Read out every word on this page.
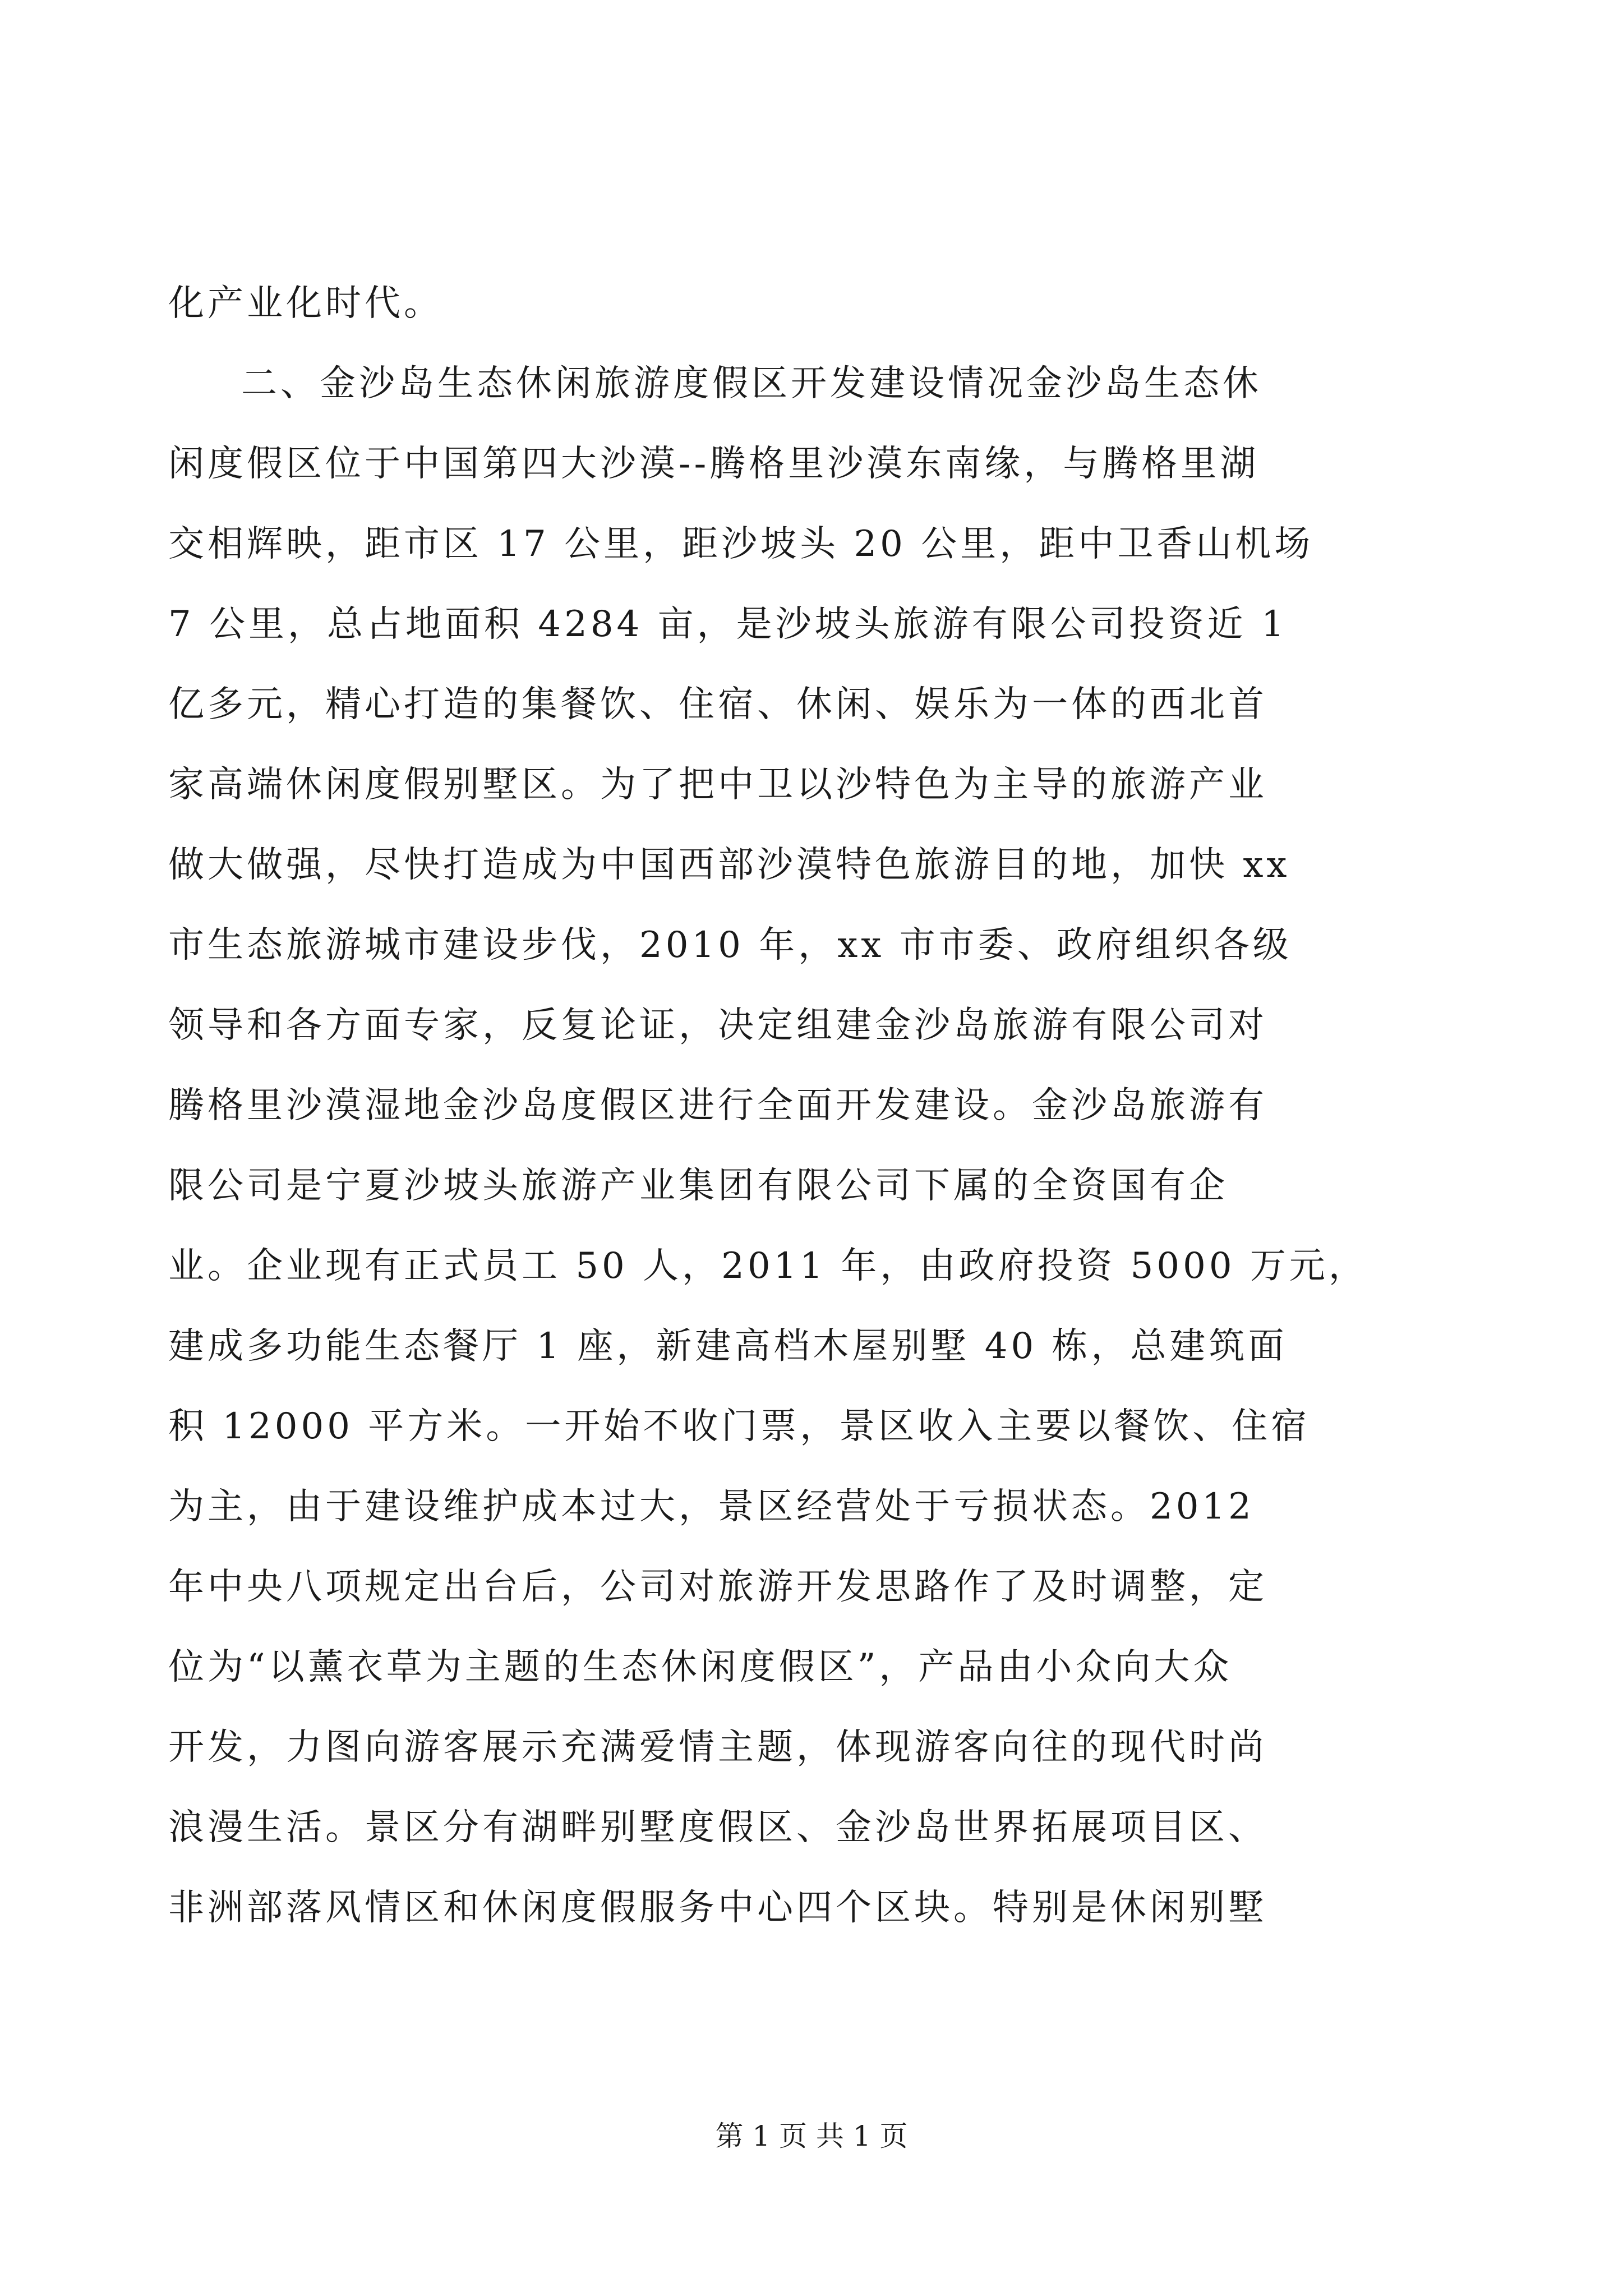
化产业化时代。
二、金沙岛生态休闲旅游度假区开发建设情况金沙岛生态休
闲度假区位于中国第四大沙漠--腾格里沙漠东南缘，与腾格里湖
交相辉映，距市区 17 公里，距沙坡头 20 公里，距中卫香山机场
7 公里，总占地面积 4284 亩，是沙坡头旅游有限公司投资近 1
亿多元，精心打造的集餐饮、住宿、休闲、娱乐为一体的西北首
家高端休闲度假别墅区。为了把中卫以沙特色为主导的旅游产业
做大做强，尽快打造成为中国西部沙漠特色旅游目的地，加快 xx
市生态旅游城市建设步伐，2010 年，xx 市市委、政府组织各级
领导和各方面专家，反复论证，决定组建金沙岛旅游有限公司对
腾格里沙漠湿地金沙岛度假区进行全面开发建设。金沙岛旅游有
限公司是宁夏沙坡头旅游产业集团有限公司下属的全资国有企
业。企业现有正式员工 50 人，2011 年，由政府投资 5000 万元，
建成多功能生态餐厅 1 座，新建高档木屋别墅 40 栋，总建筑面
积 12000 平方米。一开始不收门票，景区收入主要以餐饮、住宿
为主，由于建设维护成本过大，景区经营处于亏损状态。2012
年中央八项规定出台后，公司对旅游开发思路作了及时调整，定
位为“以薰衣草为主题的生态休闲度假区”，产品由小众向大众
开发，力图向游客展示充满爱情主题，体现游客向往的现代时尚
浪漫生活。景区分有湖畔别墅度假区、金沙岛世界拓展项目区、
非洲部落风情区和休闲度假服务中心四个区块。特别是休闲别墅
第 1 页 共 1 页
